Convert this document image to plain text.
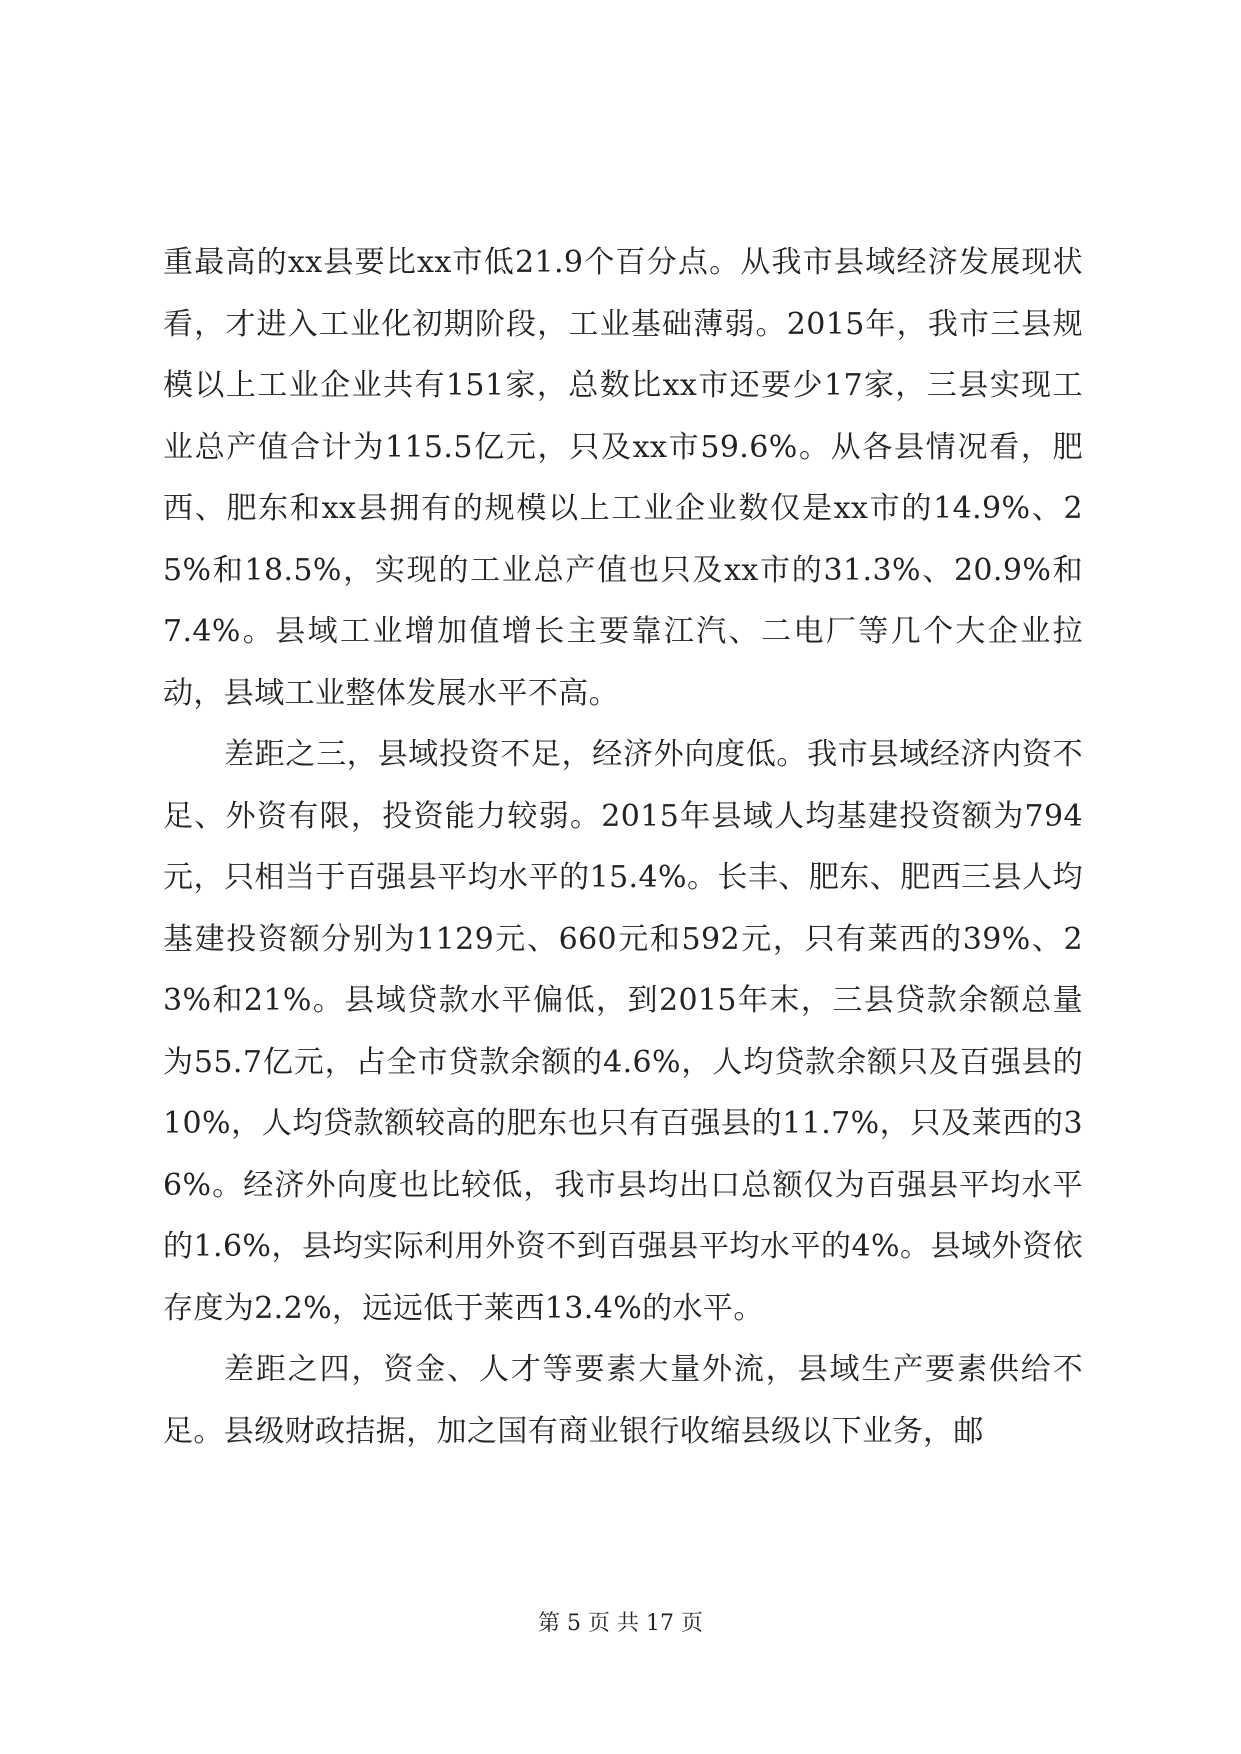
重最高的xx县要比xx市低21.9个百分点。从我市县域经济发展现状看，才进入工业化初期阶段，工业基础薄弱。2015年，我市三县规模以上工业企业共有151家，总数比xx市还要少17家，三县实现工业总产值合计为115.5亿元，只及xx市59.6%。从各县情况看，肥西、肥东和xx县拥有的规模以上工业企业数仅是xx市的14.9%、25%和18.5%，实现的工业总产值也只及xx市的31.3%、20.9%和7.4%。县域工业增加值增长主要靠江汽、二电厂等几个大企业拉动，县域工业整体发展水平不高。

差距之三，县域投资不足，经济外向度低。我市县域经济内资不足、外资有限，投资能力较弱。2015年县域人均基建投资额为794元，只相当于百强县平均水平的15.4%。长丰、肥东、肥西三县人均基建投资额分别为1129元、660元和592元，只有莱西的39%、23%和21%。县域贷款水平偏低，到2015年末，三县贷款余额总量为55.7亿元，占全市贷款余额的4.6%，人均贷款余额只及百强县的10%，人均贷款额较高的肥东也只有百强县的11.7%，只及莱西的36%。经济外向度也比较低，我市县均出口总额仅为百强县平均水平的1.6%，县均实际利用外资不到百强县平均水平的4%。县域外资依存度为2.2%，远远低于莱西13.4%的水平。

差距之四，资金、人才等要素大量外流，县域生产要素供给不足。县级财政拮据，加之国有商业银行收缩县级以下业务，邮

第 5 页 共 17 页
